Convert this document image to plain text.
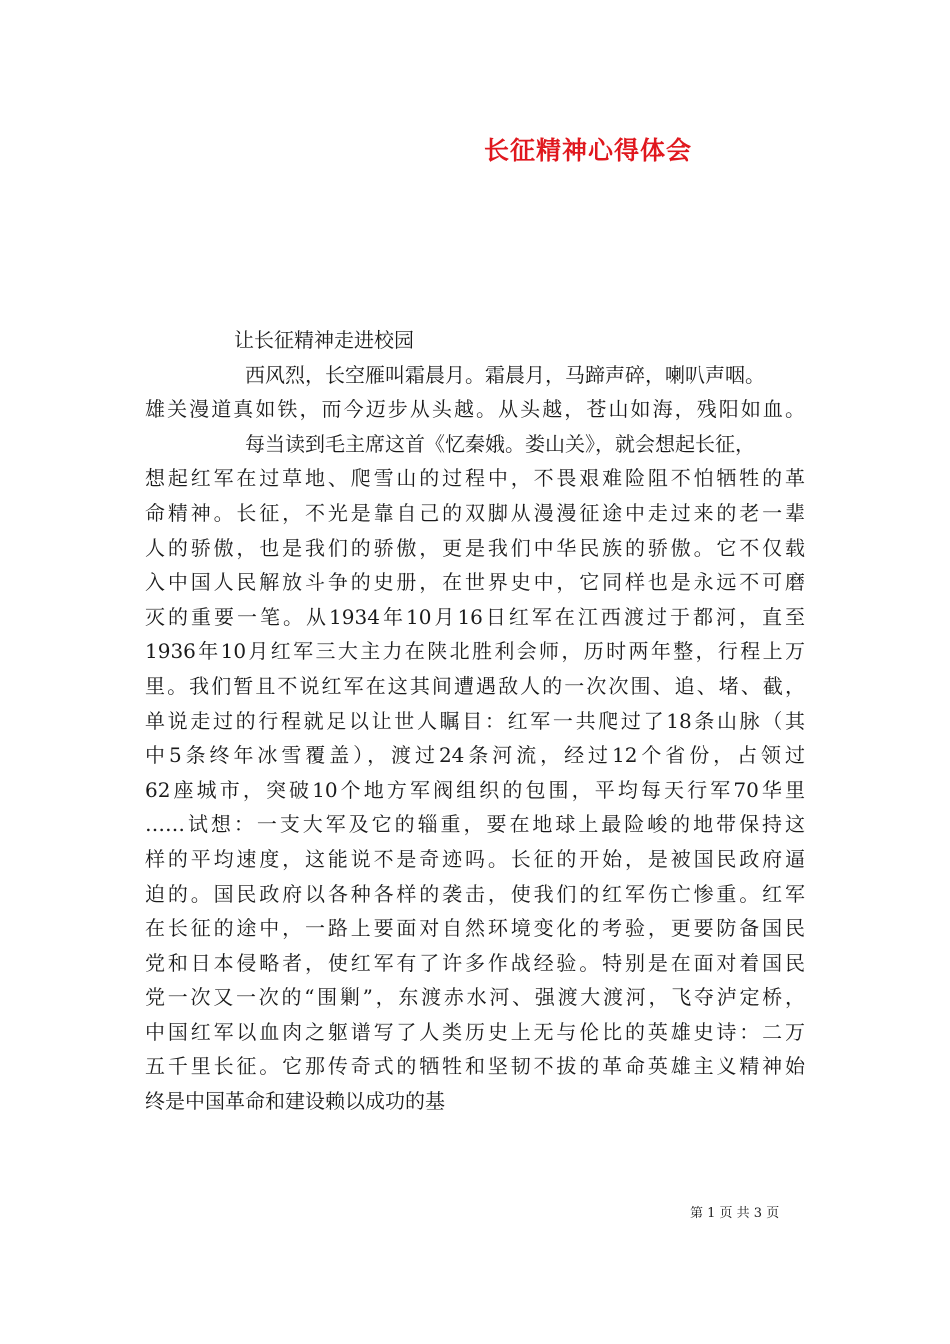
长征精神心得体会
让长征精神走进校园
西风烈，长空雁叫霜晨月。霜晨月，马蹄声碎，喇叭声咽。
雄关漫道真如铁，而今迈步从头越。从头越，苍山如海，残阳如血。
每当读到毛主席这首《忆秦娥。娄山关》，就会想起长征，
想起红军在过草地、爬雪山的过程中，不畏艰难险阻不怕牺牲的革
命精神。长征，不光是靠自己的双脚从漫漫征途中走过来的老一辈
人的骄傲，也是我们的骄傲，更是我们中华民族的骄傲。它不仅载
入中国人民解放斗争的史册，在世界史中，它同样也是永远不可磨
灭的重要一笔。从1934年10月16日红军在江西渡过于都河，直至
1936年10月红军三大主力在陕北胜利会师，历时两年整，行程上万
里。我们暂且不说红军在这其间遭遇敌人的一次次围、追、堵、截，
单说走过的行程就足以让世人瞩目：红军一共爬过了18条山脉（其
中5条终年冰雪覆盖），渡过24条河流，经过12个省份，占领过
62座城市，突破10个地方军阀组织的包围，平均每天行军70华里
……试想：一支大军及它的辎重，要在地球上最险峻的地带保持这
样的平均速度，这能说不是奇迹吗。长征的开始，是被国民政府逼
迫的。国民政府以各种各样的袭击，使我们的红军伤亡惨重。红军
在长征的途中，一路上要面对自然环境变化的考验，更要防备国民
党和日本侵略者，使红军有了许多作战经验。特别是在面对着国民
党一次又一次的“围剿”，东渡赤水河、强渡大渡河，飞夺泸定桥，
中国红军以血肉之躯谱写了人类历史上无与伦比的英雄史诗：二万
五千里长征。它那传奇式的牺牲和坚韧不拔的革命英雄主义精神始
终是中国革命和建设赖以成功的基
第 1 页 共 3 页
